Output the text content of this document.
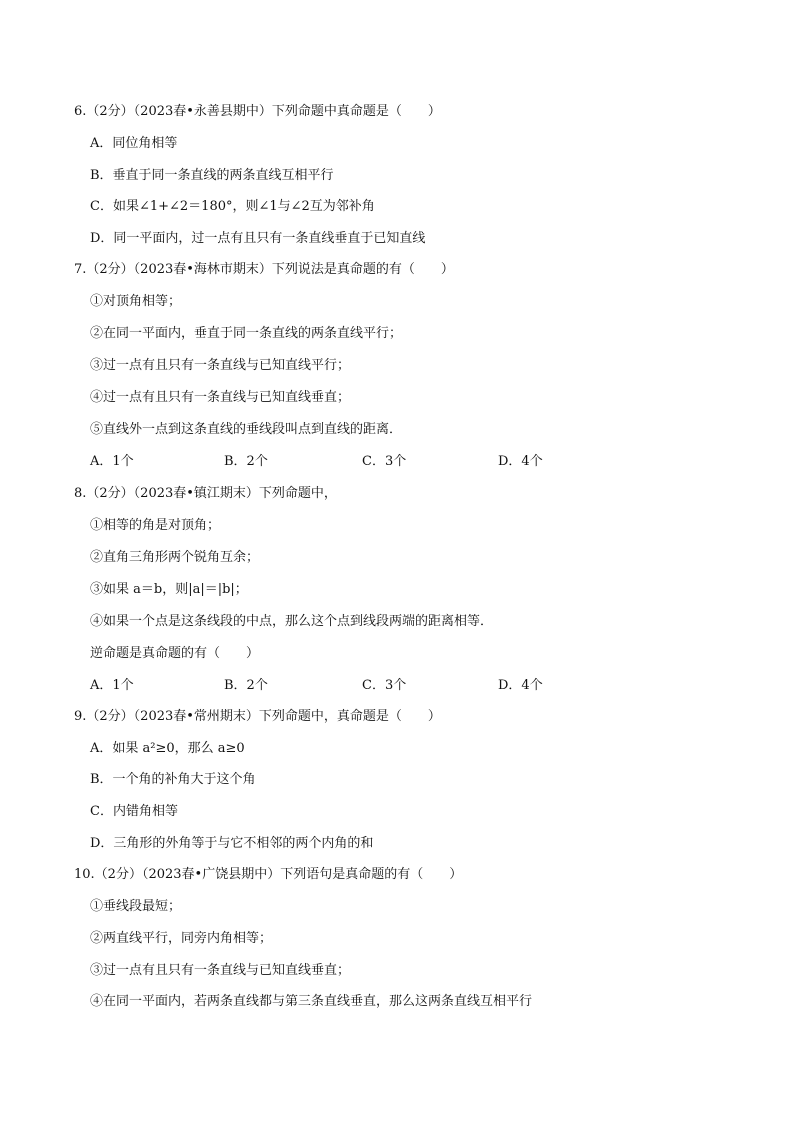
6.（2分）（2023春•永善县期中）下列命题中真命题是（　　）
A．同位角相等
B．垂直于同一条直线的两条直线互相平行
C．如果∠1+∠2＝180°，则∠1与∠2互为邻补角
D．同一平面内，过一点有且只有一条直线垂直于已知直线
7.（2分）（2023春•海林市期末）下列说法是真命题的有（　　）
①对顶角相等；
②在同一平面内，垂直于同一条直线的两条直线平行；
③过一点有且只有一条直线与已知直线平行；
④过一点有且只有一条直线与已知直线垂直；
⑤直线外一点到这条直线的垂线段叫点到直线的距离．
A．1个	B．2个	C．3个	D．4个
8.（2分）（2023春•镇江期末）下列命题中，
①相等的角是对顶角；
②直角三角形两个锐角互余；
③如果 a＝b，则|a|＝|b|；
④如果一个点是这条线段的中点，那么这个点到线段两端的距离相等．
逆命题是真命题的有（　　）
A．1个	B．2个	C．3个	D．4个
9.（2分）（2023春•常州期末）下列命题中，真命题是（　　）
A．如果 a²≥0，那么 a≥0
B．一个角的补角大于这个角
C．内错角相等
D．三角形的外角等于与它不相邻的两个内角的和
10.（2分）（2023春•广饶县期中）下列语句是真命题的有（　　）
①垂线段最短；
②两直线平行，同旁内角相等；
③过一点有且只有一条直线与已知直线垂直；
④在同一平面内，若两条直线都与第三条直线垂直，那么这两条直线互相平行
